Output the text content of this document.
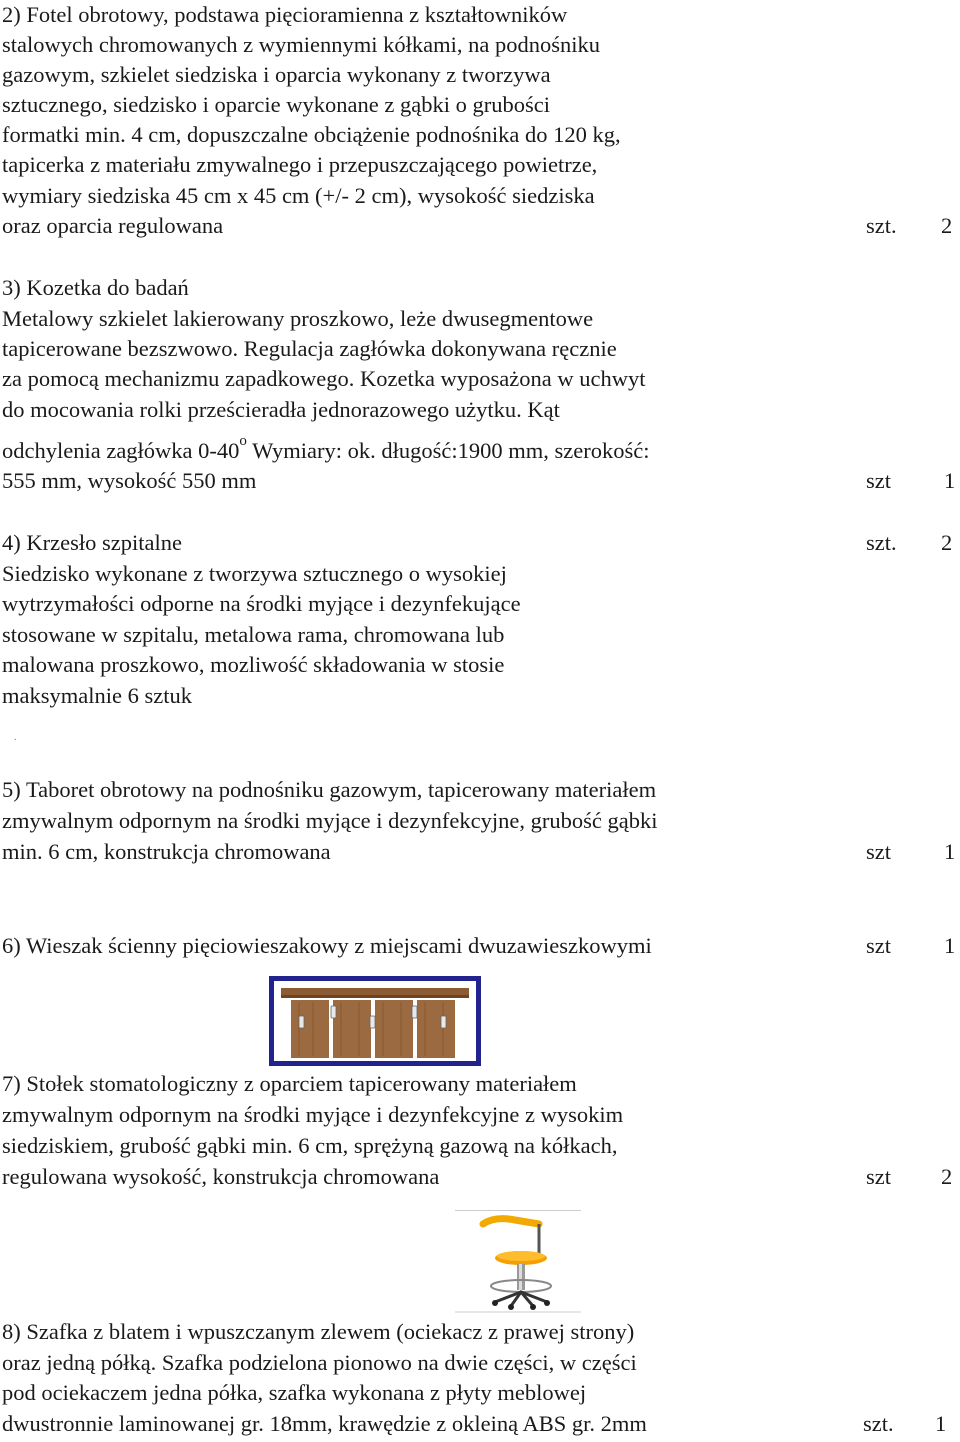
2) Fotel obrotowy, podstawa pięcioramienna z kształtowników
stalowych chromowanych z wymiennymi kółkami, na podnośniku
gazowym, szkielet siedziska i oparcia wykonany z tworzywa
sztucznego, siedzisko i oparcie wykonane z gąbki o grubości
formatki min. 4 cm, dopuszczalne obciążenie podnośnika do 120 kg,
tapicerka z materiału zmywalnego i przepuszczającego powietrze,
wymiary siedziska 45 cm x 45 cm (+/- 2 cm), wysokość siedziska
oraz oparcia regulowana	szt. 2
3) Kozetka do badań
Metalowy szkielet lakierowany proszkowo, leże dwusegmentowe
tapicerowane bezszwowo. Regulacja zagłówka dokonywana ręcznie
za pomocą mechanizmu zapadkowego. Kozetka wyposażona w uchwyt
do mocowania rolki prześcieradła jednorazowego użytku. Kąt
odchylenia zagłówka 0-40$^o$ Wymiary: ok. długość:1900 mm, szerokość:
555 mm, wysokość 550 mm	szt 1
4) Krzesło szpitalne	szt. 2
Siedzisko wykonane z tworzywa sztucznego o wysokiej
wytrzymałości odporne na środki myjące i dezynfekujące
stosowane w szpitalu, metalowa rama, chromowana lub
malowana proszkowo, mozliwość składowania w stosie
maksymalnie 6 sztuk
.
5) Taboret obrotowy na podnośniku gazowym, tapicerowany materiałem
zmywalnym odpornym na środki myjące i dezynfekcyjne, grubość gąbki
min. 6 cm, konstrukcja chromowana	szt 1
6) Wieszak ścienny pięciowieszakowy z miejscami dwuzawieszkowymi	szt 1
7) Stołek stomatologiczny z oparciem tapicerowany materiałem
zmywalnym odpornym na środki myjące i dezynfekcyjne z wysokim
siedziskiem, grubość gąbki min. 6 cm, sprężyną gazową na kółkach,
regulowana wysokość, konstrukcja chromowana	szt 2
8) Szafka z blatem i wpuszczanym zlewem (ociekacz z prawej strony)
oraz jedną półką. Szafka podzielona pionowo na dwie części, w części
pod ociekaczem jedna półka, szafka wykonana z płyty meblowej
dwustronnie laminowanej gr. 18mm, krawędzie z okleiną ABS gr. 2mm	szt. 1
